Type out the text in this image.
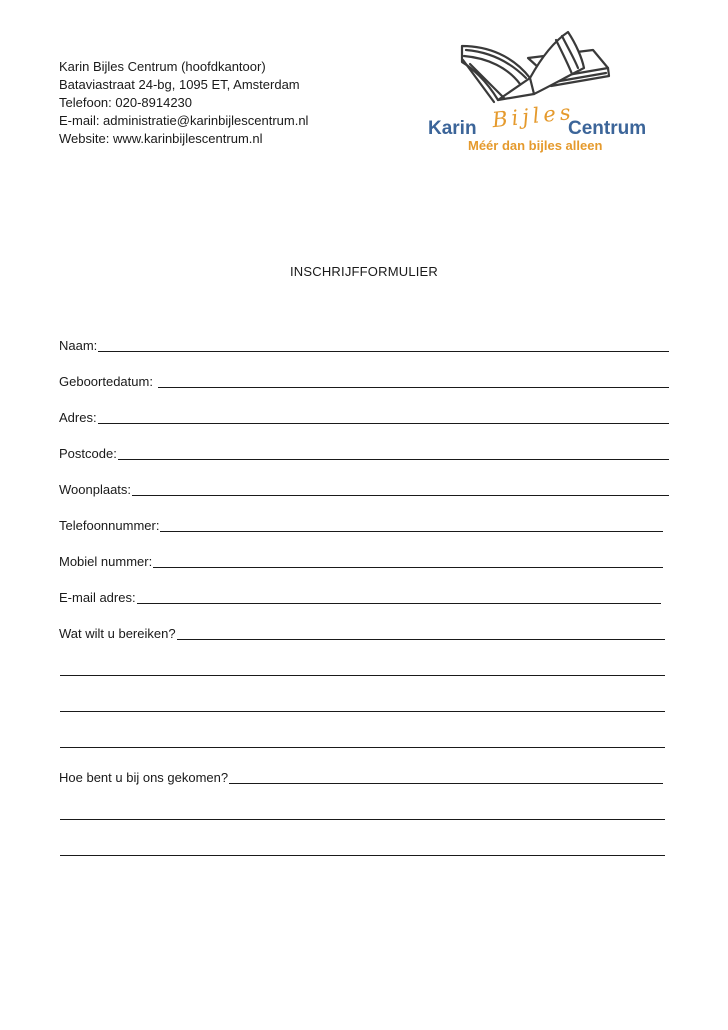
Karin Bijles Centrum (hoofdkantoor)
Bataviastraat 24-bg, 1095 ET, Amsterdam
Telefoon: 020-8914230
E-mail: administratie@karinbijlescentrum.nl
Website: www.karinbijlescentrum.nl	Karin Bijles
Centrum
Méér dan bijles alleen
INSCHRIJFFORMULIER
Naam:
Geboortedatum:
Adres:
Postcode:
Woonplaats:
Telefoonnummer:
Mobiel nummer:
E-mail adres:
Wat wilt u bereiken?
Hoe bent u bij ons gekomen?
